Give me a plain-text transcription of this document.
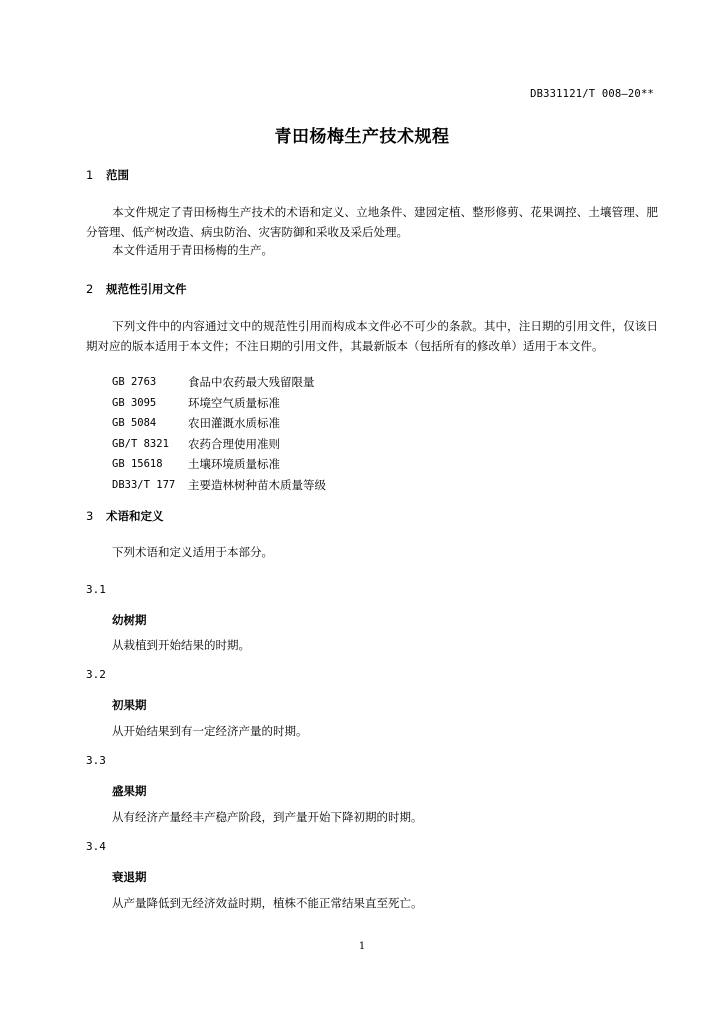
DB331121/T 008—20**
青田杨梅生产技术规程
1 范围
本文件规定了青田杨梅生产技术的术语和定义、立地条件、建园定植、整形修剪、花果调控、土壤管理、肥分管理、低产树改造、病虫防治、灾害防御和采收及采后处理。
本文件适用于青田杨梅的生产。
2 规范性引用文件
下列文件中的内容通过文中的规范性引用而构成本文件必不可少的条款。其中，注日期的引用文件，仅该日期对应的版本适用于本文件；不注日期的引用文件，其最新版本（包括所有的修改单）适用于本文件。
GB 2763	食品中农药最大残留限量
GB 3095	环境空气质量标准
GB 5084	农田灌溉水质标准
GB/T 8321	农药合理使用准则
GB 15618	土壤环境质量标准
DB33/T 177	主要造林树种苗木质量等级
3 术语和定义
下列术语和定义适用于本部分。
3.1
幼树期
从栽植到开始结果的时期。
3.2
初果期
从开始结果到有一定经济产量的时期。
3.3
盛果期
从有经济产量经丰产稳产阶段，到产量开始下降初期的时期。
3.4
衰退期
从产量降低到无经济效益时期，植株不能正常结果直至死亡。
1
